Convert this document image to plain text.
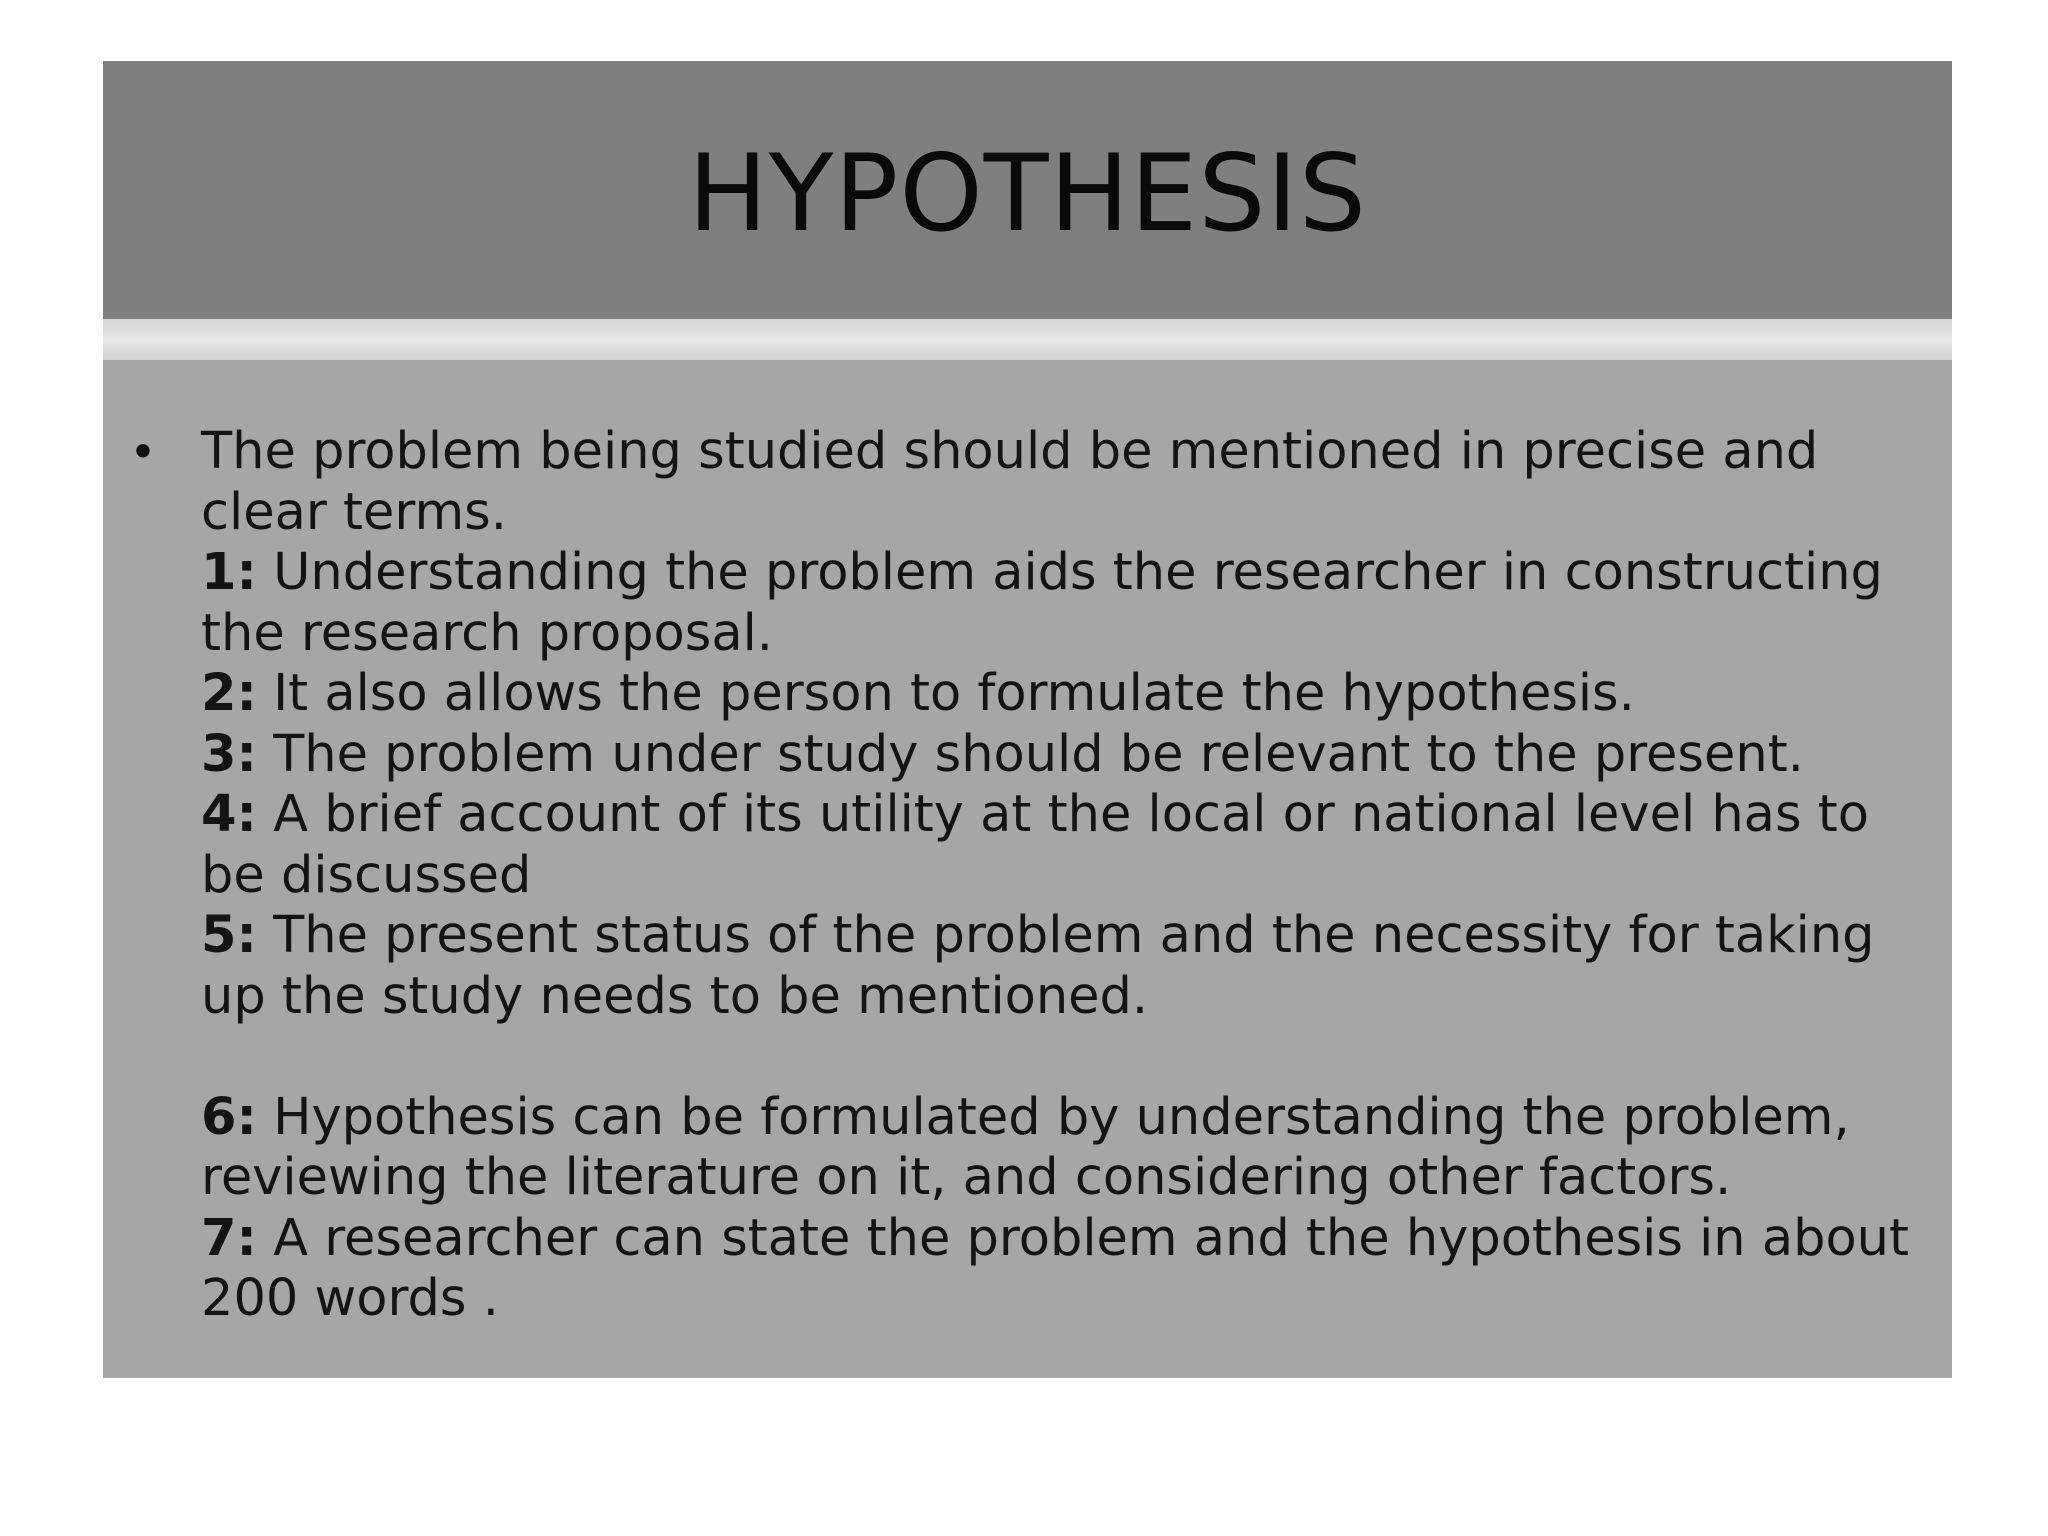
HYPOTHESIS
• The problem being studied should be mentioned in precise and
clear terms.
1: Understanding the problem aids the researcher in constructing
the research proposal.
2: It also allows the person to formulate the hypothesis.
3: The problem under study should be relevant to the present.
4: A brief account of its utility at the local or national level has to
be discussed
5: The present status of the problem and the necessity for taking
up the study needs to be mentioned.
6: Hypothesis can be formulated by understanding the problem,
reviewing the literature on it, and considering other factors.
7: A researcher can state the problem and the hypothesis in about
200 words .
